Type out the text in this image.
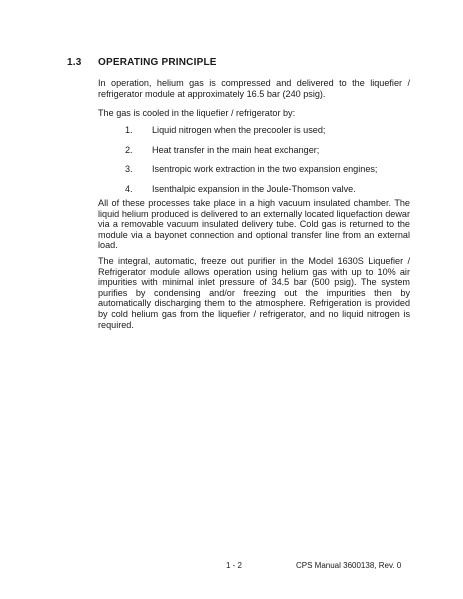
1.3 OPERATING PRINCIPLE

In operation, helium gas is compressed and delivered to the liquefier / refrigerator module at approximately 16.5 bar (240 psig).

The gas is cooled in the liquefier / refrigerator by:

1. Liquid nitrogen when the precooler is used;
2. Heat transfer in the main heat exchanger;
3. Isentropic work extraction in the two expansion engines;
4. Isenthalpic expansion in the Joule-Thomson valve.

All of these processes take place in a high vacuum insulated chamber. The liquid helium produced is delivered to an externally located liquefaction dewar via a removable vacuum insulated delivery tube. Cold gas is returned to the module via a bayonet connection and optional transfer line from an external load.

The integral, automatic, freeze out purifier in the Model 1630S Liquefier / Refrigerator module allows operation using helium gas with up to 10% air impurities with minimal inlet pressure of 34.5 bar (500 psig). The system purifies by condensing and/or freezing out the impurities then by automatically discharging them to the atmosphere. Refrigeration is provided by cold helium gas from the liquefier / refrigerator, and no liquid nitrogen is required.

1 - 2	CPS Manual 3600138, Rev. 0
